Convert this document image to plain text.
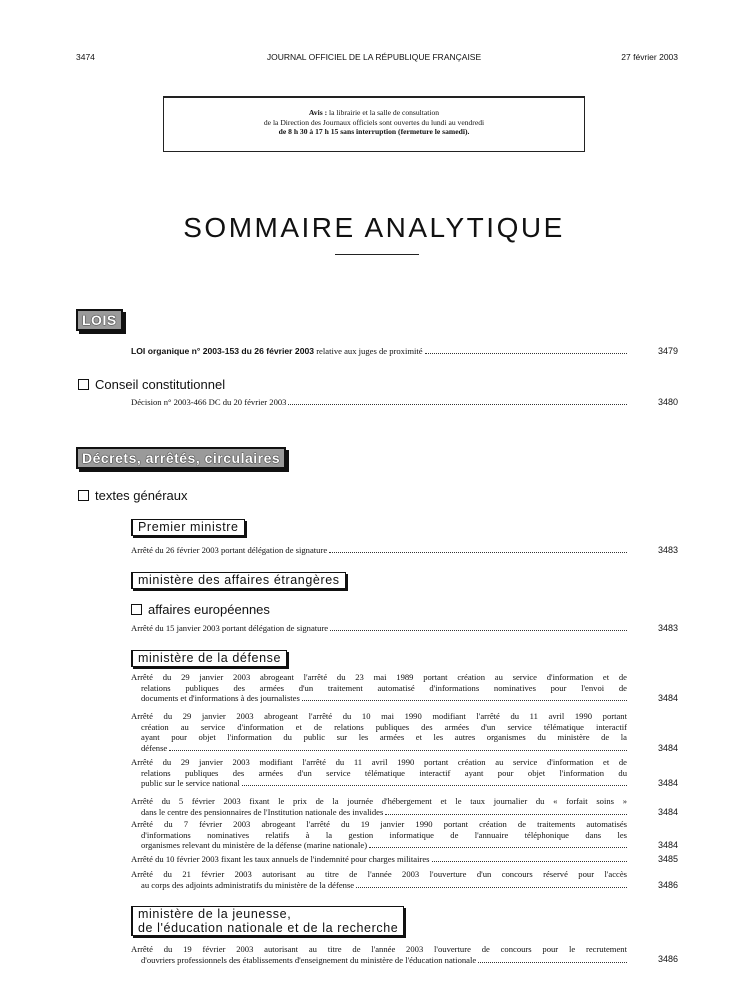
3474	JOURNAL OFFICIEL DE LA RÉPUBLIQUE FRANÇAISE	27 février 2003
Avis : la librairie et la salle de consultation
de la Direction des Journaux officiels sont ouvertes du lundi au vendredi
de 8 h 30 à 17 h 15 sans interruption (fermeture le samedi).
SOMMAIRE ANALYTIQUE
LOIS
LOI organique n° 2003-153 du 26 février 2003 relative aux juges de proximité	3479
Conseil constitutionnel
Décision n° 2003-466 DC du 20 février 2003	3480
Décrets, arrêtés, circulaires
textes généraux
Premier ministre
Arrêté du 26 février 2003 portant délégation de signature	3483
ministère des affaires étrangères
affaires européennes
Arrêté du 15 janvier 2003 portant délégation de signature	3483
ministère de la défense
Arrêté du 29 janvier 2003 abrogeant l'arrêté du 23 mai 1989 portant création au service d'information et de
relations publiques des armées d'un traitement automatisé d'informations nominatives pour l'envoi de
documents et d'informations à des journalistes	3484
Arrêté du 29 janvier 2003 abrogeant l'arrêté du 10 mai 1990 modifiant l'arrêté du 11 avril 1990 portant
création au service d'information et de relations publiques des armées d'un service télématique interactif
ayant pour objet l'information du public sur les armées et les autres organismes du ministère de la
défense	3484
Arrêté du 29 janvier 2003 modifiant l'arrêté du 11 avril 1990 portant création au service d'information et de
relations publiques des armées d'un service télématique interactif ayant pour objet l'information du
public sur le service national	3484
Arrêté du 5 février 2003 fixant le prix de la journée d'hébergement et le taux journalier du « forfait soins »
dans le centre des pensionnaires de l'Institution nationale des invalides	3484
Arrêté du 7 février 2003 abrogeant l'arrêté du 19 janvier 1990 portant création de traitements automatisés
d'informations nominatives relatifs à la gestion informatique de l'annuaire téléphonique dans les
organismes relevant du ministère de la défense (marine nationale)	3484
Arrêté du 10 février 2003 fixant les taux annuels de l'indemnité pour charges militaires	3485
Arrêté du 21 février 2003 autorisant au titre de l'année 2003 l'ouverture d'un concours réservé pour l'accès
au corps des adjoints administratifs du ministère de la défense	3486
ministère de la jeunesse,
de l'éducation nationale et de la recherche
Arrêté du 19 février 2003 autorisant au titre de l'année 2003 l'ouverture de concours pour le recrutement
d'ouvriers professionnels des établissements d'enseignement du ministère de l'éducation nationale	3486
